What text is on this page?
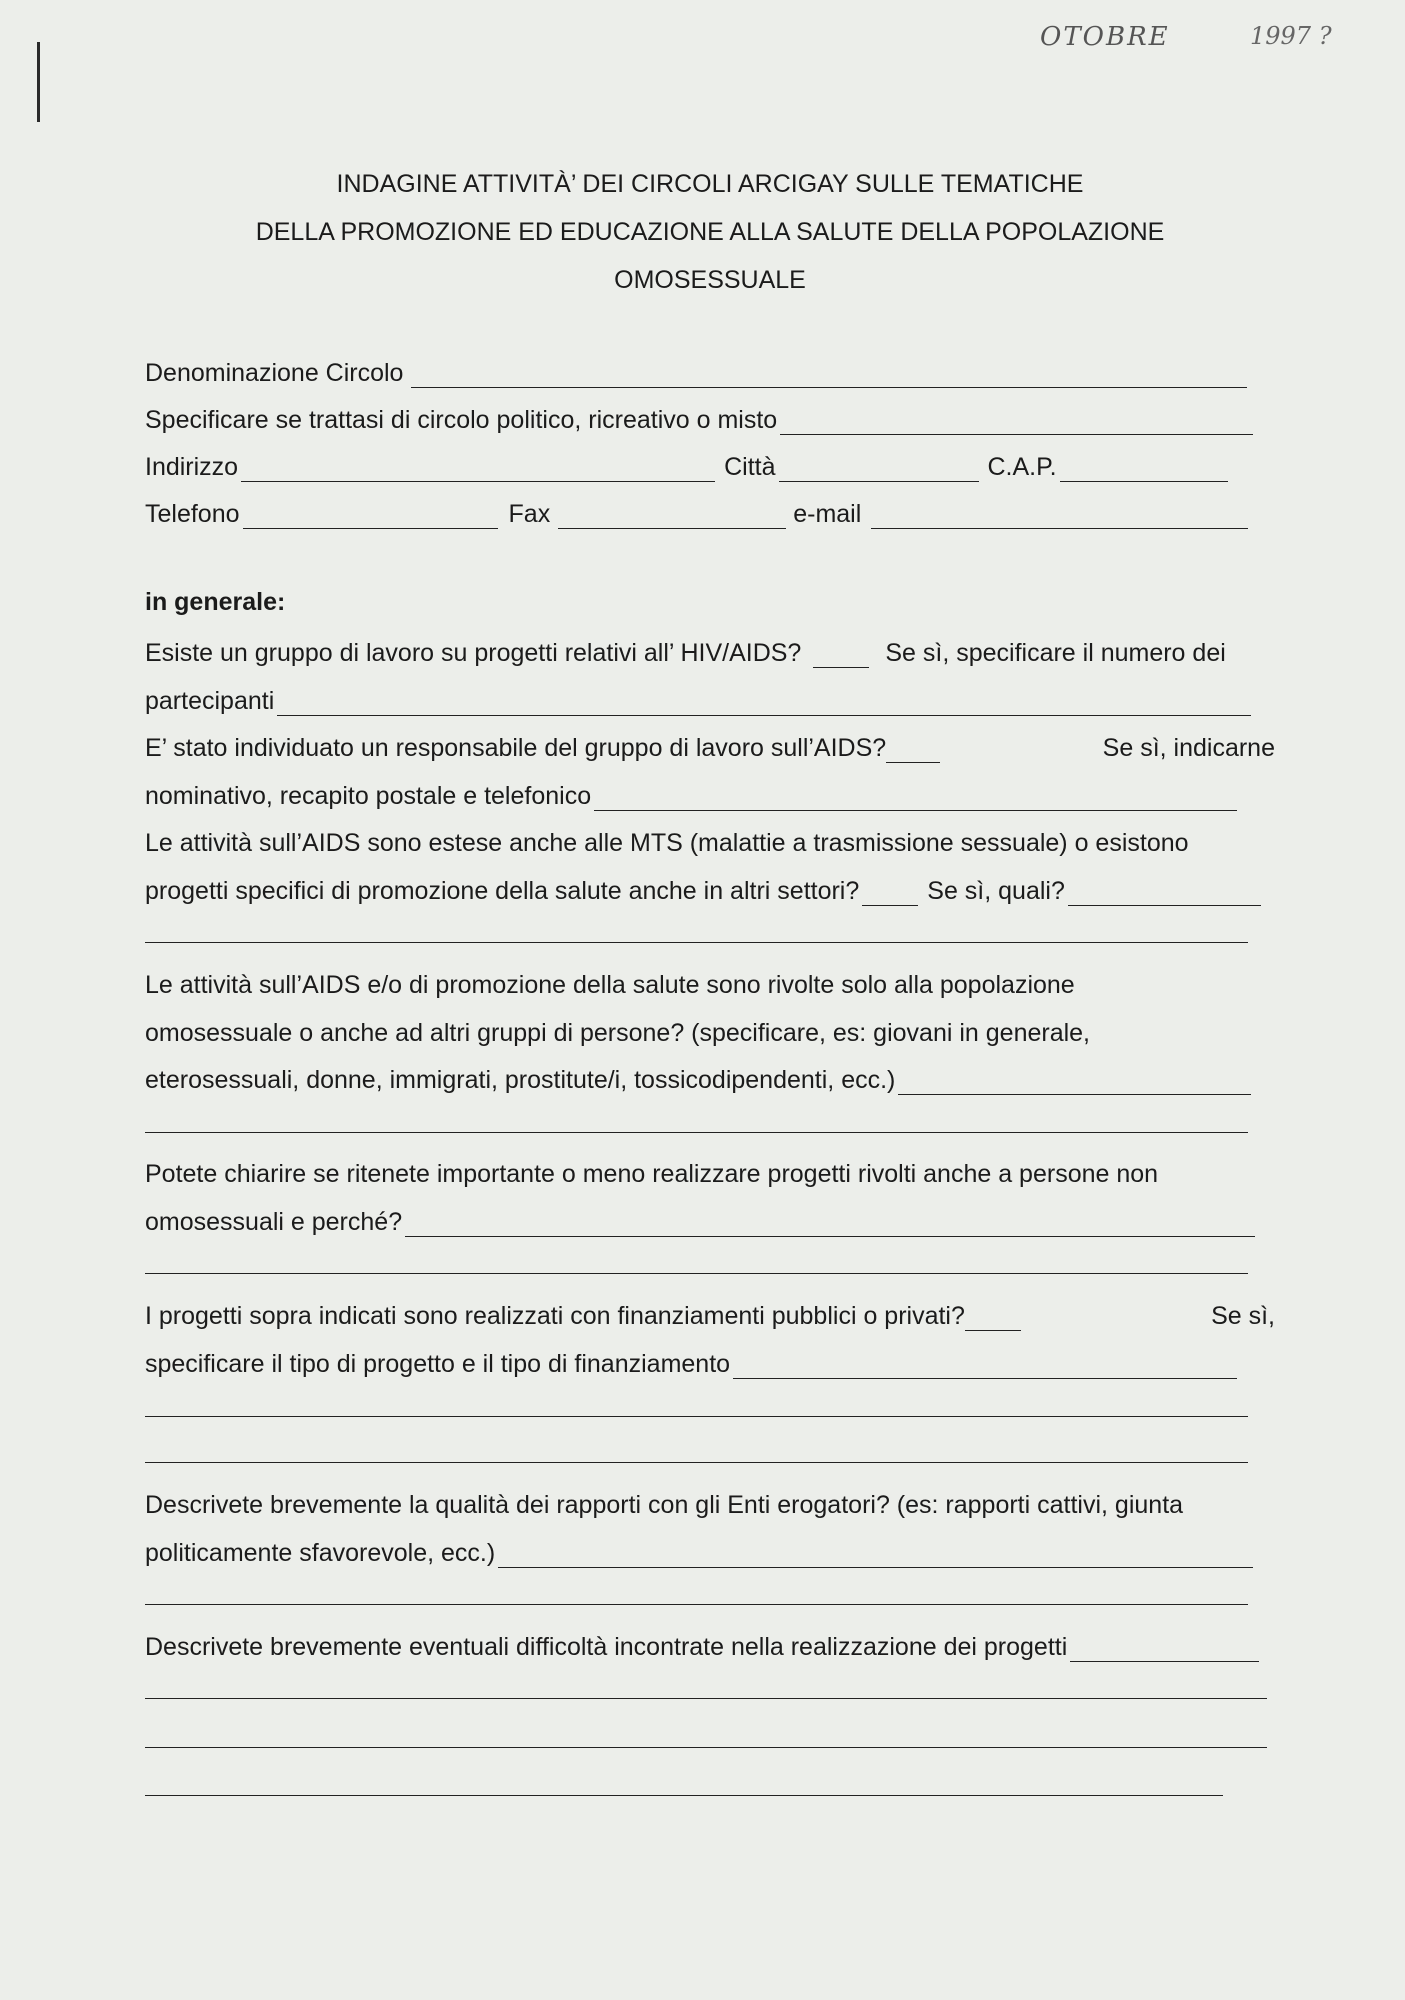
OTOBRE	1997 ?
INDAGINE ATTIVITÀ’ DEI CIRCOLI ARCIGAY SULLE TEMATICHE
DELLA PROMOZIONE ED EDUCAZIONE ALLA SALUTE DELLA POPOLAZIONE
OMOSESSUALE
Denominazione Circolo
Specificare se trattasi di circolo politico, ricreativo o misto
Indirizzo	Città	C.A.P.
Telefono	Fax	e-mail
in generale:
Esiste un gruppo di lavoro su progetti relativi all’ HIV/AIDS?	Se sì, specificare il numero dei
partecipanti
E’ stato individuato un responsabile del gruppo di lavoro sull’AIDS?	Se sì, indicarne
nominativo, recapito postale e telefonico
Le attività sull’AIDS sono estese anche alle MTS (malattie a trasmissione sessuale) o esistono
progetti specifici di promozione della salute anche in altri settori?	Se sì, quali?
Le attività sull’AIDS e/o di promozione della salute sono rivolte solo alla popolazione
omosessuale o anche ad altri gruppi di persone? (specificare, es: giovani in generale,
eterosessuali, donne, immigrati, prostitute/i, tossicodipendenti, ecc.)
Potete chiarire se ritenete importante o meno realizzare progetti rivolti anche a persone non
omosessuali e perché?
I progetti sopra indicati sono realizzati con finanziamenti pubblici o privati?	Se sì,
specificare il tipo di progetto e il tipo di finanziamento
Descrivete brevemente la qualità dei rapporti con gli Enti erogatori? (es: rapporti cattivi, giunta
politicamente sfavorevole, ecc.)
Descrivete brevemente eventuali difficoltà incontrate nella realizzazione dei progetti
